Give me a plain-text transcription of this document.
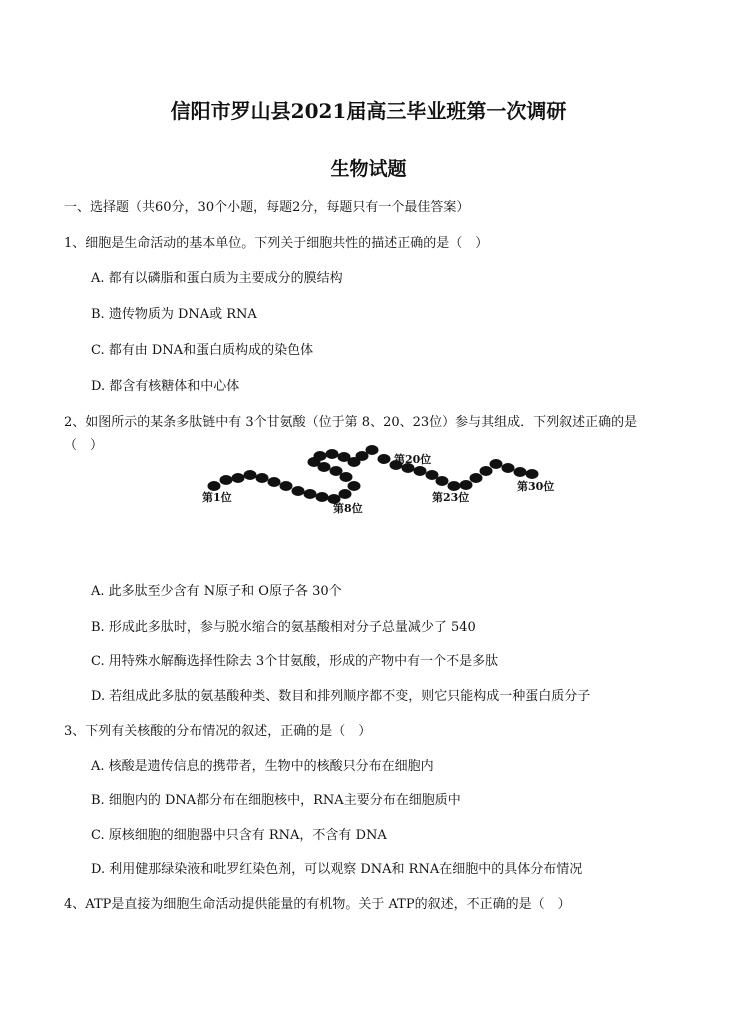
信阳市罗山县2021届高三毕业班第一次调研
生物试题
一、选择题（共60分，30个小题，每题2分，每题只有一个最佳答案）
1、细胞是生命活动的基本单位。下列关于细胞共性的描述正确的是（　）
A. 都有以磷脂和蛋白质为主要成分的膜结构
B. 遗传物质为 DNA或 RNA
C. 都有由 DNA和蛋白质构成的染色体
D. 都含有核糖体和中心体
2、如图所示的某条多肽链中有 3个甘氨酸（位于第 8、20、23位）参与其组成．下列叙述正确的是
（　）
第1位
第8位
第20位
第23位
第30位
A. 此多肽至少含有 N原子和 O原子各 30个
B. 形成此多肽时，参与脱水缩合的氨基酸相对分子总量减少了 540
C. 用特殊水解酶选择性除去 3个甘氨酸，形成的产物中有一个不是多肽
D. 若组成此多肽的氨基酸种类、数目和排列顺序都不变，则它只能构成一种蛋白质分子
3、下列有关核酸的分布情况的叙述，正确的是（　）
A. 核酸是遗传信息的携带者，生物中的核酸只分布在细胞内
B. 细胞内的 DNA都分布在细胞核中，RNA主要分布在细胞质中
C. 原核细胞的细胞器中只含有 RNA，不含有 DNA
D. 利用健那绿染液和吡罗红染色剂，可以观察 DNA和 RNA在细胞中的具体分布情况
4、ATP是直接为细胞生命活动提供能量的有机物。关于 ATP的叙述，不正确的是（　）
